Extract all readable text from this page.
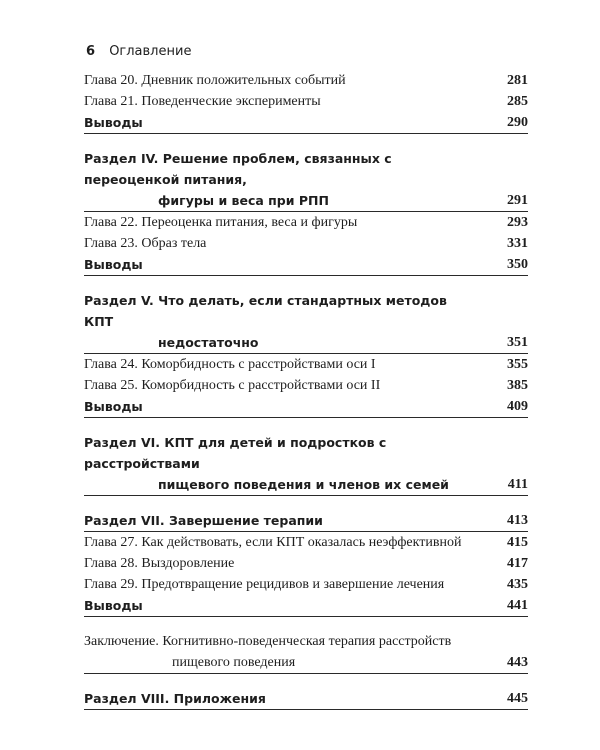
6 Оглавление
Глава 20. Дневник положительных событий	281
Глава 21. Поведенческие эксперименты	285
Выводы	290
Раздел IV. Решение проблем, связанных с переоценкой питания,
фигуры и веса при РПП	291
Глава 22. Переоценка питания, веса и фигуры	293
Глава 23. Образ тела	331
Выводы	350
Раздел V. Что делать, если стандартных методов КПТ
недостаточно	351
Глава 24. Коморбидность с расстройствами оси I	355
Глава 25. Коморбидность с расстройствами оси II	385
Выводы	409
Раздел VI. КПТ для детей и подростков с расстройствами
пищевого поведения и членов их семей	411
Раздел VII. Завершение терапии	413
Глава 27. Как действовать, если КПТ оказалась неэффективной	415
Глава 28. Выздоровление	417
Глава 29. Предотвращение рецидивов и завершение лечения	435
Выводы	441
Заключение. Когнитивно-поведенческая терапия расстройств
пищевого поведения	443
Раздел VIII. Приложения	445
